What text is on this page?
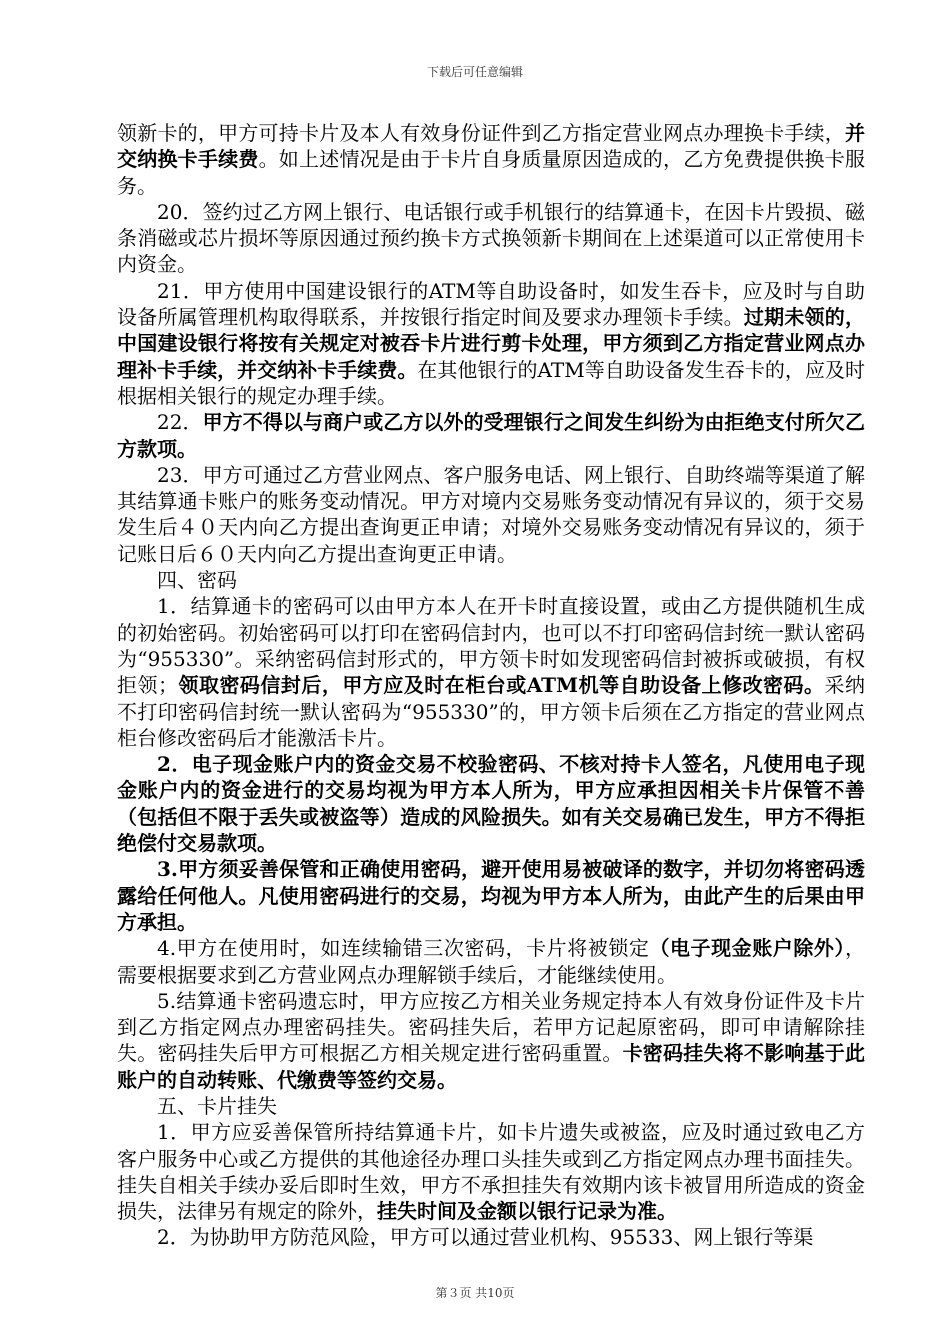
下载后可任意编辑

领新卡的，甲方可持卡片及本人有效身份证件到乙方指定营业网点办理换卡手续，并交纳换卡手续费。如上述情况是由于卡片自身质量原因造成的，乙方免费提供换卡服务。

20．签约过乙方网上银行、电话银行或手机银行的结算通卡，在因卡片毁损、磁条消磁或芯片损坏等原因通过预约换卡方式换领新卡期间在上述渠道可以正常使用卡内资金。

21．甲方使用中国建设银行的ATM等自助设备时，如发生吞卡，应及时与自助设备所属管理机构取得联系，并按银行指定时间及要求办理领卡手续。过期未领的，中国建设银行将按有关规定对被吞卡片进行剪卡处理，甲方须到乙方指定营业网点办理补卡手续，并交纳补卡手续费。在其他银行的ATM等自助设备发生吞卡的，应及时根据相关银行的规定办理手续。

22．甲方不得以与商户或乙方以外的受理银行之间发生纠纷为由拒绝支付所欠乙方款项。

23．甲方可通过乙方营业网点、客户服务电话、网上银行、自助终端等渠道了解其结算通卡账户的账务变动情况。甲方对境内交易账务变动情况有异议的，须于交易发生后４０天内向乙方提出查询更正申请；对境外交易账务变动情况有异议的，须于记账日后６０天内向乙方提出查询更正申请。

四、密码

1．结算通卡的密码可以由甲方本人在开卡时直接设置，或由乙方提供随机生成的初始密码。初始密码可以打印在密码信封内，也可以不打印密码信封统一默认密码为“955330”。采纳密码信封形式的，甲方领卡时如发现密码信封被拆或破损，有权拒领；领取密码信封后，甲方应及时在柜台或ATM机等自助设备上修改密码。采纳不打印密码信封统一默认密码为“955330”的，甲方领卡后须在乙方指定的营业网点柜台修改密码后才能激活卡片。

2．电子现金账户内的资金交易不校验密码、不核对持卡人签名，凡使用电子现金账户内的资金进行的交易均视为甲方本人所为，甲方应承担因相关卡片保管不善（包括但不限于丢失或被盗等）造成的风险损失。如有关交易确已发生，甲方不得拒绝偿付交易款项。

3.甲方须妥善保管和正确使用密码，避开使用易被破译的数字，并切勿将密码透露给任何他人。凡使用密码进行的交易，均视为甲方本人所为，由此产生的后果由甲方承担。

4.甲方在使用时，如连续输错三次密码，卡片将被锁定（电子现金账户除外），需要根据要求到乙方营业网点办理解锁手续后，才能继续使用。

5.结算通卡密码遗忘时，甲方应按乙方相关业务规定持本人有效身份证件及卡片到乙方指定网点办理密码挂失。密码挂失后，若甲方记起原密码，即可申请解除挂失。密码挂失后甲方可根据乙方相关规定进行密码重置。卡密码挂失将不影响基于此账户的自动转账、代缴费等签约交易。

五、卡片挂失

1．甲方应妥善保管所持结算通卡片，如卡片遗失或被盗，应及时通过致电乙方客户服务中心或乙方提供的其他途径办理口头挂失或到乙方指定网点办理书面挂失。挂失自相关手续办妥后即时生效，甲方不承担挂失有效期内该卡被冒用所造成的资金损失，法律另有规定的除外，挂失时间及金额以银行记录为准。

2．为协助甲方防范风险，甲方可以通过营业机构、95533、网上银行等渠

第３页 共10页
